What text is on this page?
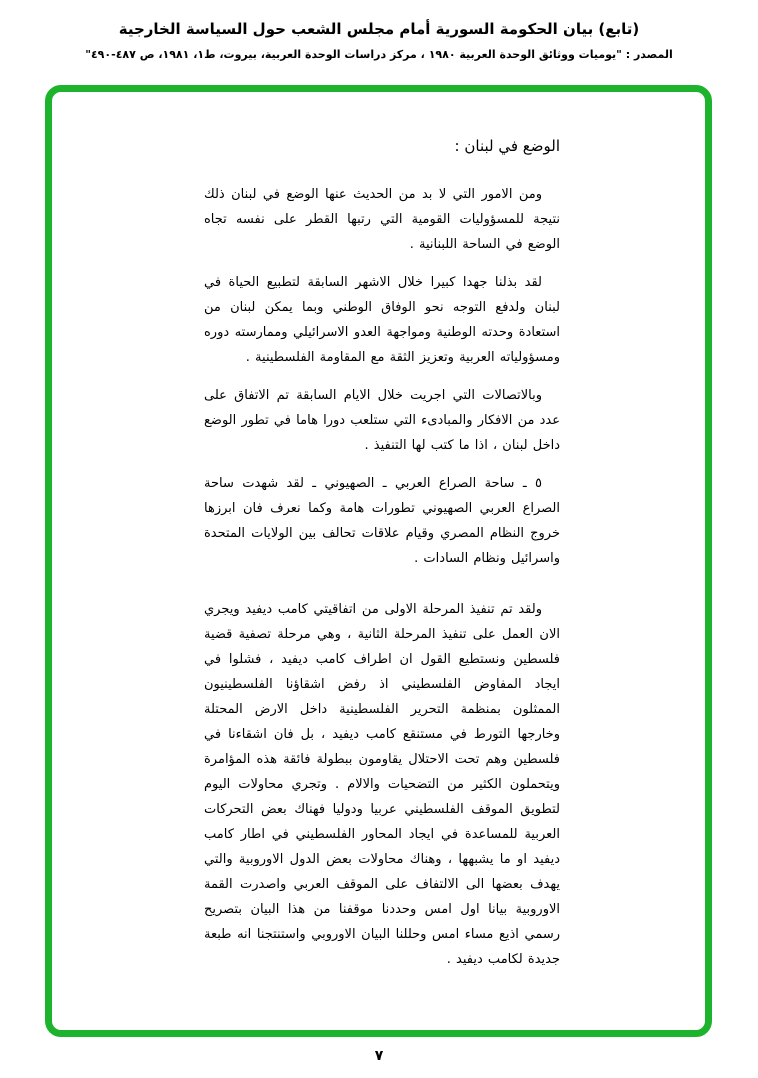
(تابع) بيان الحكومة السورية أمام مجلس الشعب حول السياسة الخارجية
المصدر : "يوميات ووثائق الوحدة العربية ١٩٨٠ ، مركز دراسات الوحدة العربية، بيروت، ط١، ١٩٨١، ص ٤٨٧-٤٩٠"
الوضع في لبنان :
ومن الامور التي لا بد من الحديث عنها الوضع في لبنان ذلك نتيجة للمسؤوليات القومية التي رتبها القطر على نفسه تجاه الوضع في الساحة اللبنانية .
لقد بذلنا جهدا كبيرا خلال الاشهر السابقة لتطبيع الحياة في لبنان ولدفع التوجه نحو الوفاق الوطني وبما يمكن لبنان من استعادة وحدته الوطنية ومواجهة العدو الاسرائيلي وممارسته دوره ومسؤولياته العربية وتعزيز الثقة مع المقاومة الفلسطينية .
وبالاتصالات التي اجريت خلال الايام السابقة تم الاتفاق على عدد من الافكار والمبادىء التي ستلعب دورا هاما في تطور الوضع داخل لبنان ، اذا ما كتب لها التنفيذ .
٥ ـ ساحة الصراع العربي ـ الصهيوني ـ لقد شهدت ساحة الصراع العربي الصهيوني تطورات هامة وكما نعرف فان ابرزها خروج النظام المصري وقيام علاقات تحالف بين الولايات المتحدة واسرائيل ونظام السادات .
ولقد تم تنفيذ المرحلة الاولى من اتفاقيتي كامب ديفيد ويجري الان العمل على تنفيذ المرحلة الثانية ، وهي مرحلة تصفية قضية فلسطين ونستطيع القول ان اطراف كامب ديفيد ، فشلوا في ايجاد المفاوض الفلسطيني اذ رفض اشقاؤنا الفلسطينيون الممثلون بمنظمة التحرير الفلسطينية داخل الارض المحتلة وخارجها التورط في مستنقع كامب ديفيد ، بل فان اشقاءنا في فلسطين وهم تحت الاحتلال يقاومون ببطولة فائقة هذه المؤامرة ويتحملون الكثير من التضحيات والالام . وتجري محاولات اليوم لتطويق الموقف الفلسطيني عربيا ودوليا فهناك بعض التحركات العربية للمساعدة في ايجاد المحاور الفلسطيني في اطار كامب ديفيد او ما يشبهها ، وهناك محاولات بعض الدول الاوروبية والتي يهدف بعضها الى الالتفاف على الموقف العربي واصدرت القمة الاوروبية بيانا اول امس وحددنا موقفنا من هذا البيان بتصريح رسمي اذيع مساء امس وحللنا البيان الاوروبي واستنتجنا انه طبعة جديدة لكامب ديفيد .
٧
